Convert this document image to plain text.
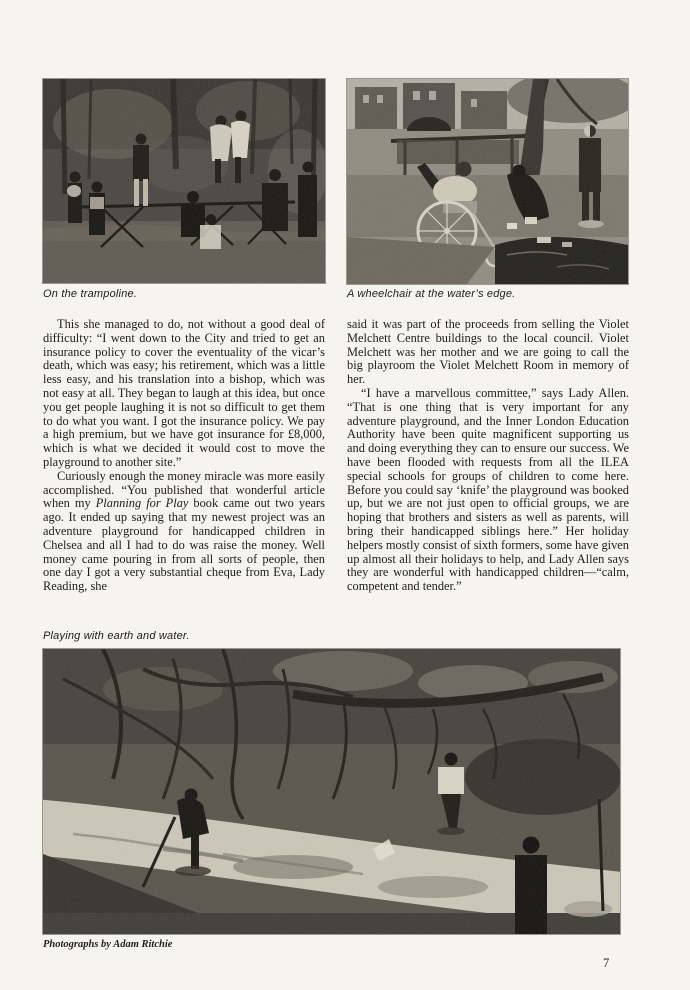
On the trampoline.	A wheelchair at the water’s edge.

This she managed to do, not without a good deal of difficulty: “I went down to the City and tried to get an insurance policy to cover the eventuality of the vicar’s death, which was easy; his retirement, which was a little less easy, and his translation into a bishop, which was not easy at all. They began to laugh at this idea, but once you get people laughing it is not so difficult to get them to do what you want. I got the insurance policy. We pay a high premium, but we have got insurance for £8,000, which is what we decided it would cost to move the playground to another site.”

Curiously enough the money miracle was more easily accomplished. “You published that wonderful article when my Planning for Play book came out two years ago. It ended up saying that my newest project was an adventure playground for handicapped children in Chelsea and all I had to do was raise the money. Well money came pouring in from all sorts of people, then one day I got a very substantial cheque from Eva, Lady Reading, she

said it was part of the proceeds from selling the Violet Melchett Centre buildings to the local council. Violet Melchett was her mother and we are going to call the big playroom the Violet Melchett Room in memory of her.

“I have a marvellous committee,” says Lady Allen. “That is one thing that is very important for any adventure playground, and the Inner London Education Authority have been quite magnificent supporting us and doing everything they can to ensure our success. We have been flooded with requests from all the ILEA special schools for groups of children to come here. Before you could say ‘knife’ the playground was booked up, but we are not just open to official groups, we are hoping that brothers and sisters as well as parents, will bring their handicapped siblings here.” Her holiday helpers mostly consist of sixth formers, some have given up almost all their holidays to help, and Lady Allen says they are wonderful with handicapped children—“calm, competent and tender.”

Playing with earth and water.
Photographs by Adam Ritchie
7
